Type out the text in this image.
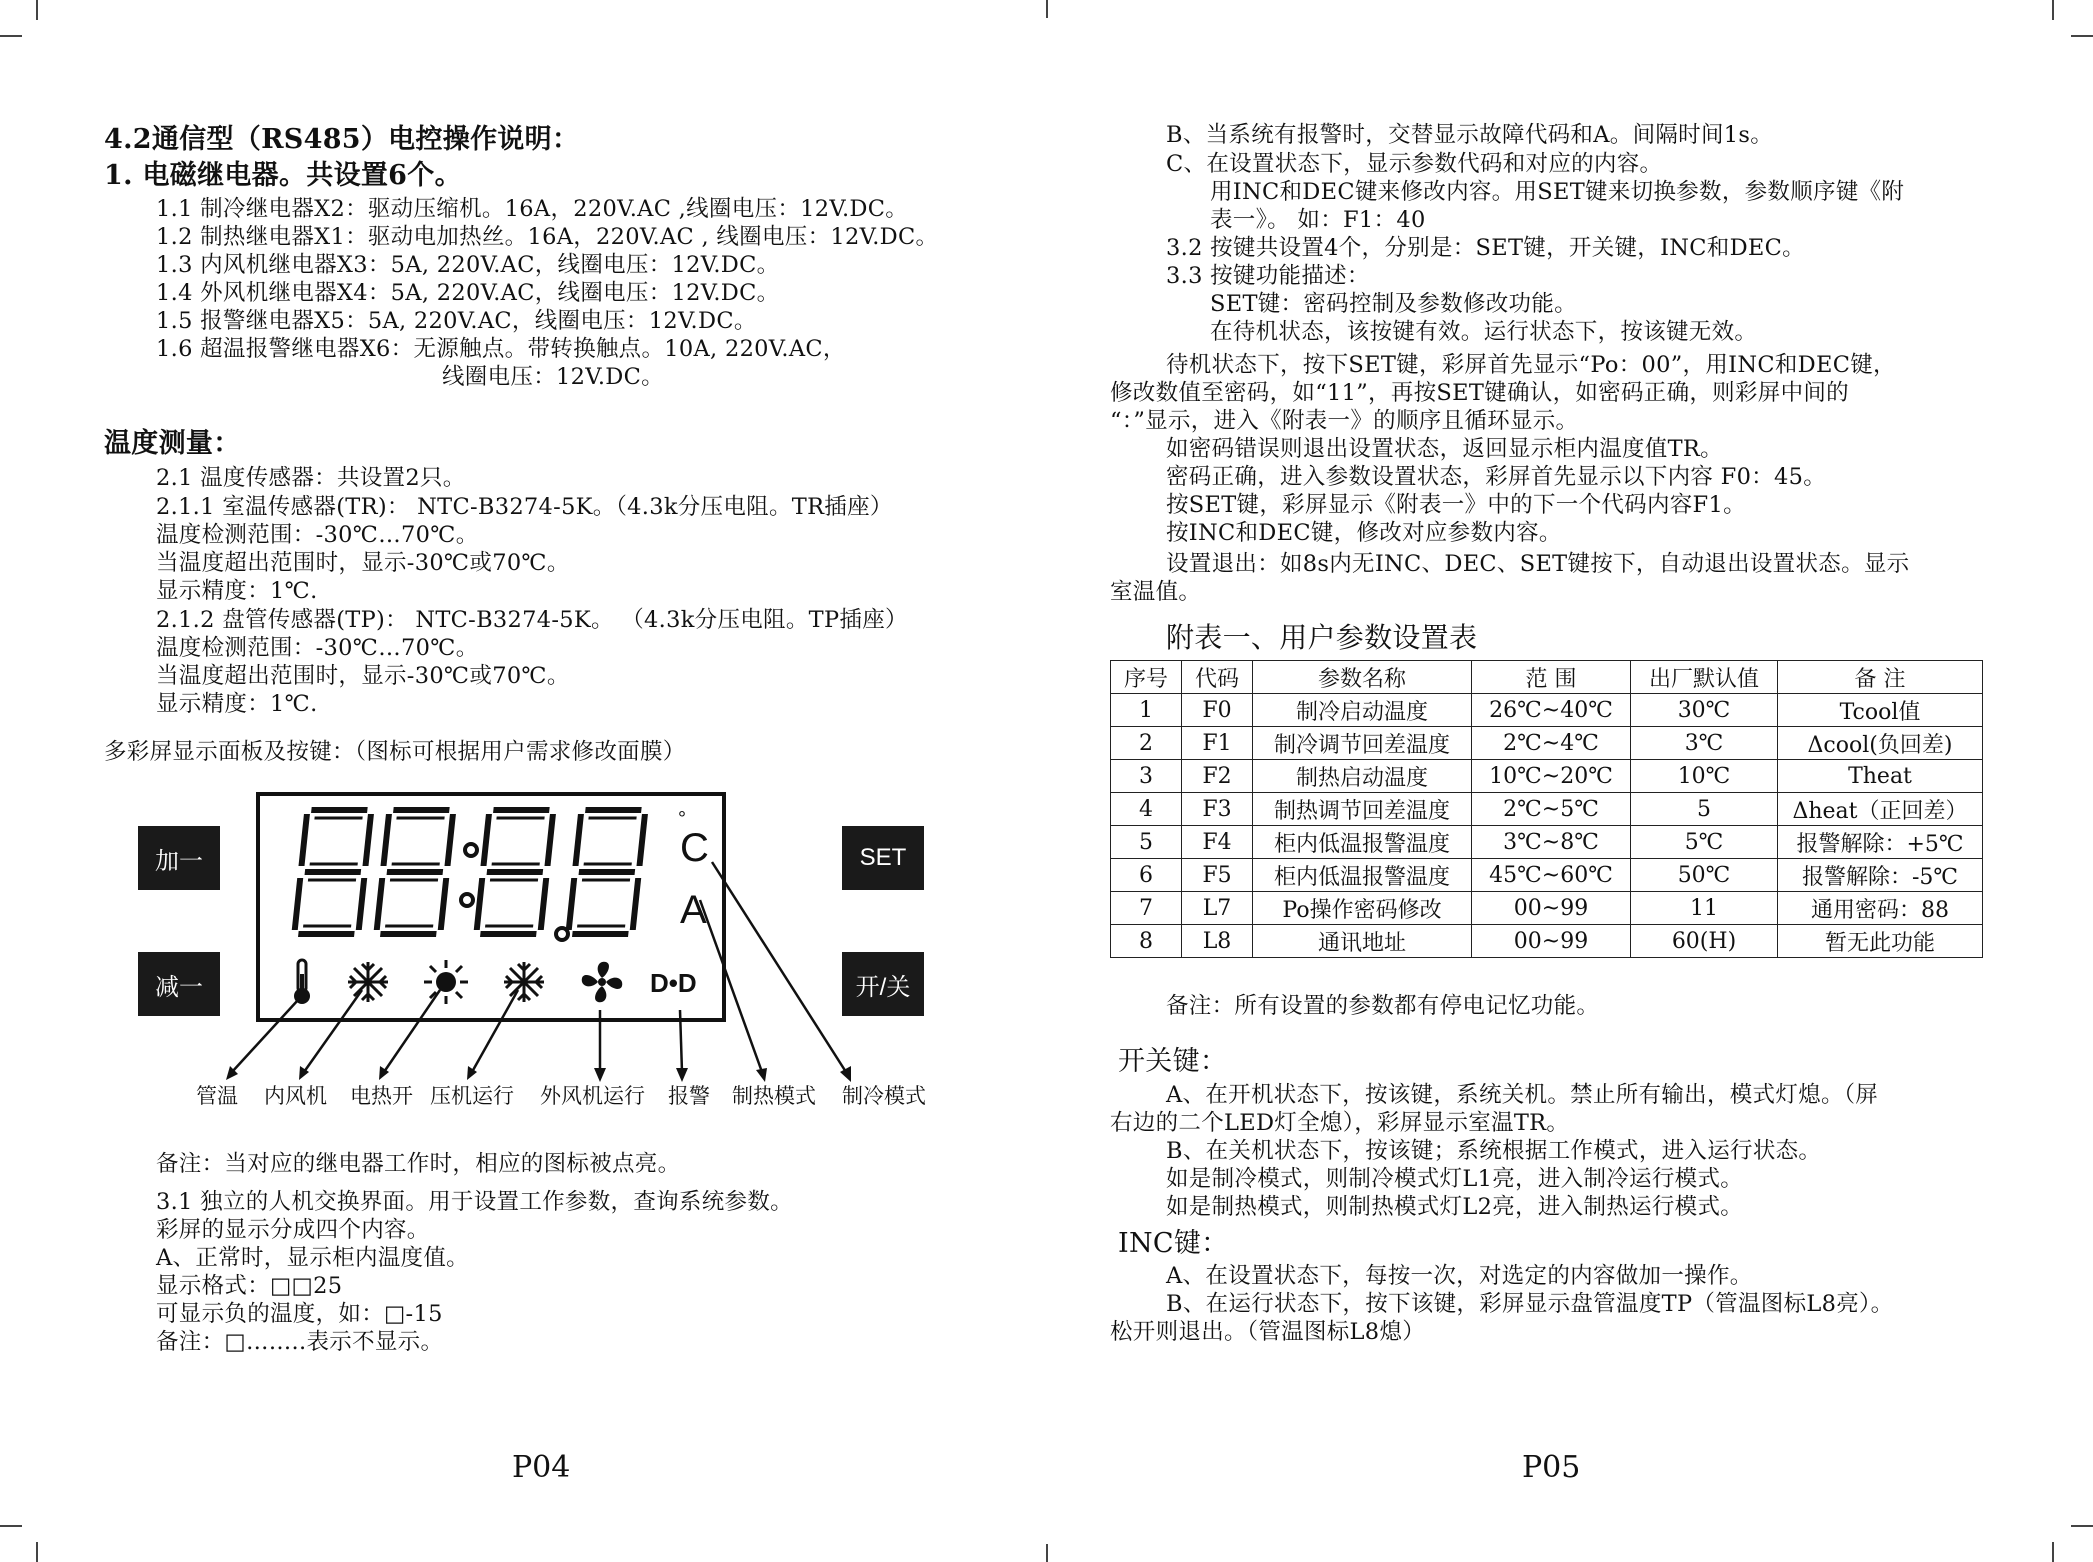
4.2通信型（RS485）电控操作说明：
1. 电磁继电器。共设置6个。
1.1 制冷继电器X2：驱动压缩机。16A，220V.AC ,线圈电压：12V.DC。
1.2 制热继电器X1：驱动电加热丝。16A，220V.AC , 线圈电压：12V.DC。
1.3 内风机继电器X3：5A, 220V.AC，线圈电压：12V.DC。
1.4 外风机继电器X4：5A, 220V.AC，线圈电压：12V.DC。
1.5 报警继电器X5：5A, 220V.AC，线圈电压：12V.DC。
1.6 超温报警继电器X6：无源触点。带转换触点。10A, 220V.AC，
线圈电压：12V.DC。
温度测量：
2.1 温度传感器：共设置2只。
2.1.1 室温传感器(TR)： NTC-B3274-5K。（4.3k分压电阻。TR插座）
温度检测范围：-30℃…70℃。
当温度超出范围时，显示-30℃或70℃。
显示精度：1℃.
2.1.2 盘管传感器(TP)： NTC-B3274-5K。 （4.3k分压电阻。TP插座）
温度检测范围：-30℃…70℃。
当温度超出范围时，显示-30℃或70℃。
显示精度：1℃.
多彩屏显示面板及按键：（图标可根据用户需求修改面膜）
加一
减一
SET
开/关
°
C
A
D•D
管温 内风机 电热开 压机运行 外风机运行 报警 制热模式 制冷模式
备注：当对应的继电器工作时，相应的图标被点亮。
3.1 独立的人机交换界面。用于设置工作参数，查询系统参数。
彩屏的显示分成四个内容。
A、正常时，显示柜内温度值。
显示格式：□□25
可显示负的温度，如：□-15
备注：□……..表示不显示。
P04
B、当系统有报警时，交替显示故障代码和A。间隔时间1s。
C、在设置状态下，显示参数代码和对应的内容。
用INC和DEC键来修改内容。用SET键来切换参数，参数顺序键《附
表一》。 如：F1：40
3.2 按键共设置4个，分别是：SET键，开关键，INC和DEC。
3.3 按键功能描述：
SET键：密码控制及参数修改功能。
在待机状态，该按键有效。运行状态下，按该键无效。
待机状态下，按下SET键，彩屏首先显示“Po：00”，用INC和DEC键，
修改数值至密码，如“11”，再按SET键确认，如密码正确，则彩屏中间的
“：”显示，进入《附表一》的顺序且循环显示。
如密码错误则退出设置状态，返回显示柜内温度值TR。
密码正确，进入参数设置状态，彩屏首先显示以下内容 F0：45。
按SET键，彩屏显示《附表一》中的下一个代码内容F1。
按INC和DEC键，修改对应参数内容。
设置退出：如8s内无INC、DEC、SET键按下，自动退出设置状态。显示
室温值。
附表一、用户参数设置表
序号	代码	参数名称	范 围	出厂默认值	备 注
1	F0	制冷启动温度	26℃~40℃	30℃	Tcool值
2	F1	制冷调节回差温度	2℃~4℃	3℃	Δcool(负回差)
3	F2	制热启动温度	10℃~20℃	10℃	Theat
4	F3	制热调节回差温度	2℃~5℃	5	Δheat（正回差）
5	F4	柜内低温报警温度	3℃~8℃	5℃	报警解除：+5℃
6	F5	柜内低温报警温度	45℃~60℃	50℃	报警解除：-5℃
7	L7	Po操作密码修改	00~99	11	通用密码：88
8	L8	通讯地址	00~99	60(H)	暂无此功能
备注：所有设置的参数都有停电记忆功能。
开关键：
A、在开机状态下，按该键，系统关机。禁止所有输出，模式灯熄。（屏
右边的二个LED灯全熄），彩屏显示室温TR。
B、在关机状态下，按该键；系统根据工作模式，进入运行状态。
如是制冷模式，则制冷模式灯L1亮，进入制冷运行模式。
如是制热模式，则制热模式灯L2亮，进入制热运行模式。
INC键：
A、在设置状态下，每按一次，对选定的内容做加一操作。
B、在运行状态下，按下该键，彩屏显示盘管温度TP（管温图标L8亮）。
松开则退出。（管温图标L8熄）
P05
